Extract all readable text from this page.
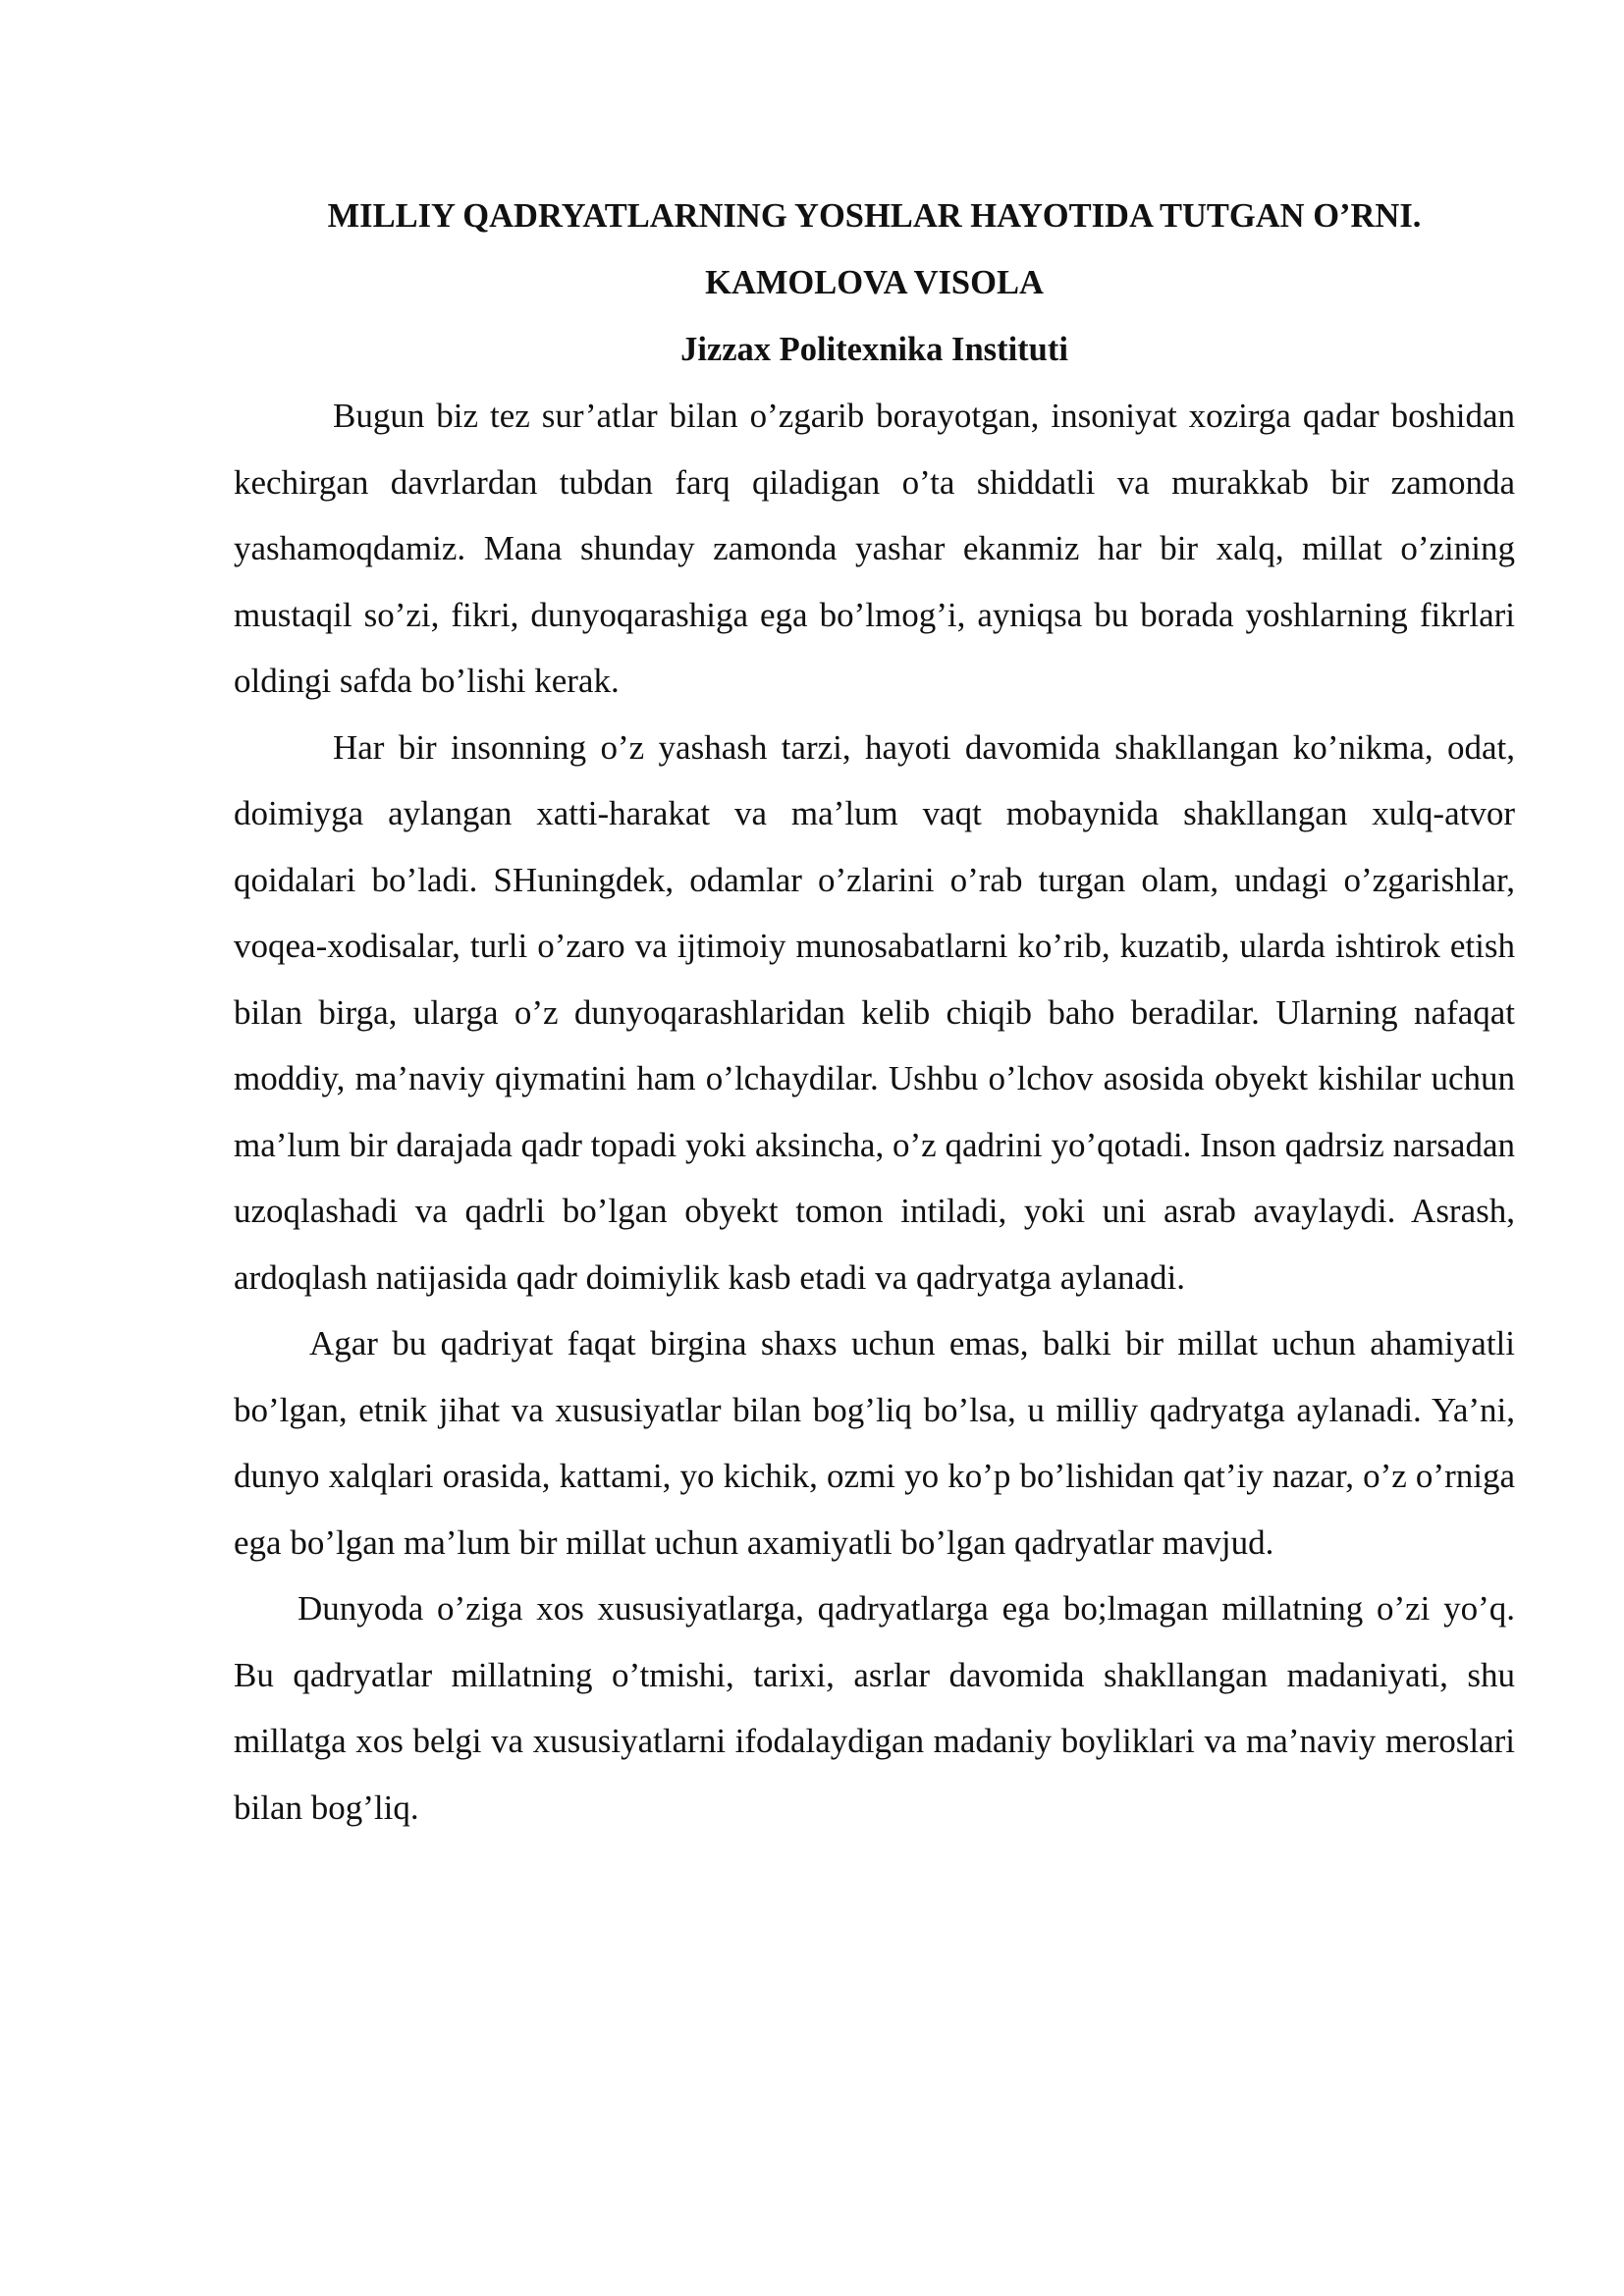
MILLIY QADRYATLARNING YOSHLAR HAYOTIDA TUTGAN O’RNI.

KAMOLOVA VISOLA

Jizzax Politexnika Instituti

Bugun biz tez sur’atlar bilan o’zgarib borayotgan, insoniyat xozirga qadar boshidan kechirgan davrlardan tubdan farq qiladigan o’ta shiddatli va murakkab bir zamonda yashamoqdamiz. Mana shunday zamonda yashar ekanmiz har bir xalq, millat o’zining mustaqil so’zi, fikri, dunyoqarashiga ega bo’lmog’i, ayniqsa bu borada yoshlarning fikrlari oldingi safda bo’lishi kerak.

Har bir insonning o’z yashash tarzi, hayoti davomida shakllangan ko’nikma, odat, doimiyga aylangan xatti-harakat va ma’lum vaqt mobaynida shakllangan xulq-atvor qoidalari bo’ladi. SHuningdek, odamlar o’zlarini o’rab turgan olam, undagi o’zgarishlar, voqea-xodisalar, turli o’zaro va ijtimoiy munosabatlarni ko’rib, kuzatib, ularda ishtirok etish bilan birga, ularga o’z dunyoqarashlaridan kelib chiqib baho beradilar. Ularning nafaqat moddiy, ma’naviy qiymatini ham o’lchaydilar. Ushbu o’lchov asosida obyekt kishilar uchun ma’lum bir darajada qadr topadi yoki aksincha, o’z qadrini yo’qotadi. Inson qadrsiz narsadan uzoqlashadi va qadrli bo’lgan obyekt tomon intiladi, yoki uni asrab avaylaydi. Asrash, ardoqlash natijasida qadr doimiylik kasb etadi va qadryatga aylanadi.

Agar bu qadriyat faqat birgina shaxs uchun emas, balki bir millat uchun ahamiyatli bo’lgan, etnik jihat va xususiyatlar bilan bog’liq bo’lsa, u milliy qadryatga aylanadi. Ya’ni, dunyo xalqlari orasida, kattami, yo kichik, ozmi yo ko’p bo’lishidan qat’iy nazar, o’z o’rniga ega bo’lgan ma’lum bir millat uchun axamiyatli bo’lgan qadryatlar mavjud.

Dunyoda o’ziga xos xususiyatlarga, qadryatlarga ega bo;lmagan millatning o’zi yo’q. Bu qadryatlar millatning o’tmishi, tarixi, asrlar davomida shakllangan madaniyati, shu millatga xos belgi va xususiyatlarni ifodalaydigan madaniy boyliklari va ma’naviy meroslari bilan bog’liq.
